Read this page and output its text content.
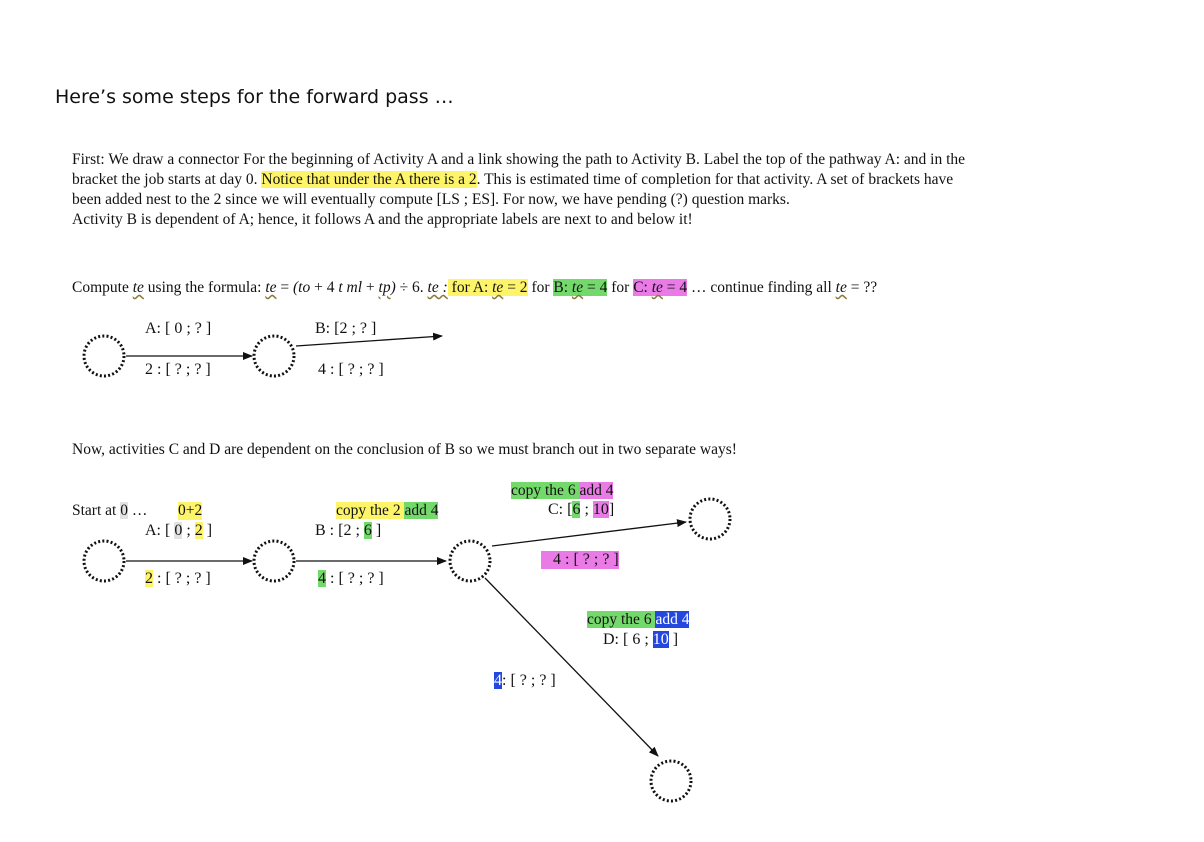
Here’s some steps for the forward pass …
First: We draw a connector For the beginning of Activity A and a link showing the path to Activity B. Label the top of the pathway A: and in the
bracket the job starts at day 0. Notice that under the A there is a 2. This is estimated time of completion for that activity. A set of brackets have
been added nest to the 2 since we will eventually compute [LS ; ES]. For now, we have pending (?) question marks.
Activity B is dependent of A; hence, it follows A and the appropriate labels are next to and below it!
Compute te using the formula: te = (to + 4 t ml + tp) ÷ 6. te : for A: te = 2 for B: te = 4 for C: te = 4 … continue finding all te = ??
A: [ 0 ; ? ]
2 : [ ? ; ? ]
B: [2 ; ? ]
4 : [ ? ; ? ]
Now, activities C and D are dependent on the conclusion of B so we must branch out in two separate ways!
Start at 0 … 0+2
A: [ 0 ; 2 ]
2 : [ ? ; ? ]
copy the 2 add 4
B : [2 ; 6 ]
4 : [ ? ; ? ]
copy the 6 add 4
C: [6 ; 10]
4 : [ ? ; ? ]
copy the 6 add 4
D: [ 6 ; 10 ]
4: [ ? ; ? ]
